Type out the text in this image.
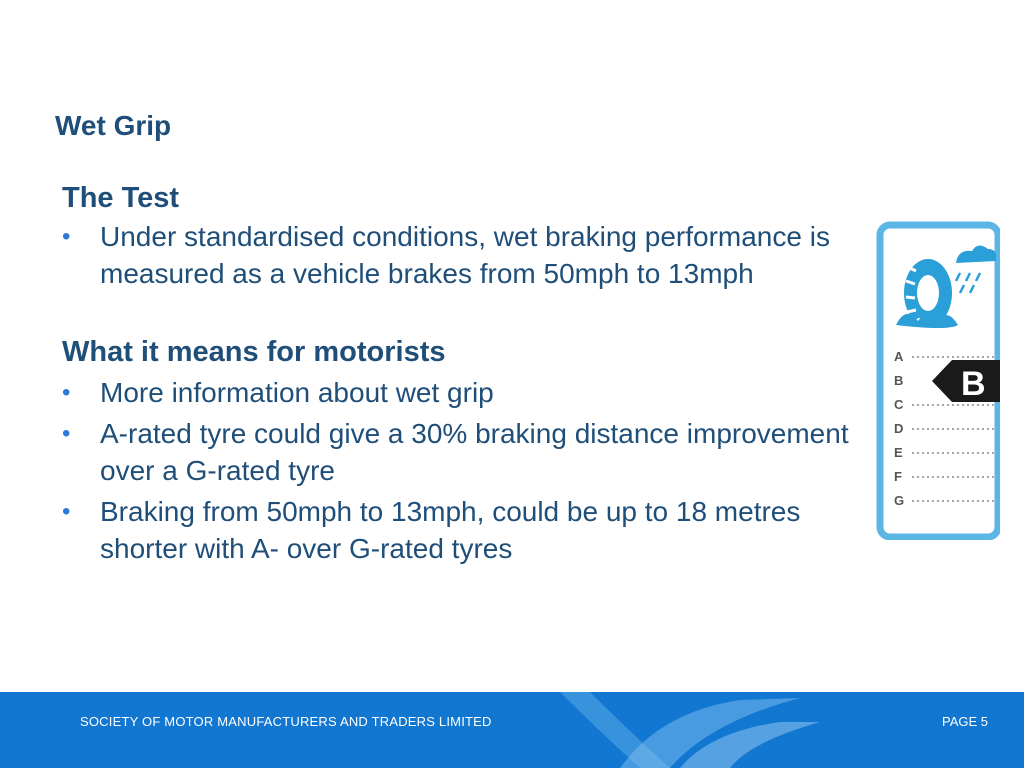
Wet Grip
The Test
• Under standardised conditions, wet braking performance is measured as a vehicle brakes from 50mph to 13mph
What it means for motorists
• More information about wet grip
• A-rated tyre could give a 30% braking distance improvement over a G-rated tyre
• Braking from 50mph to 13mph, could be up to 18 metres shorter with A- over G-rated tyres
A
B
C
D
E
F
G
B
SOCIETY OF MOTOR MANUFACTURERS AND TRADERS LIMITED	PAGE 5
